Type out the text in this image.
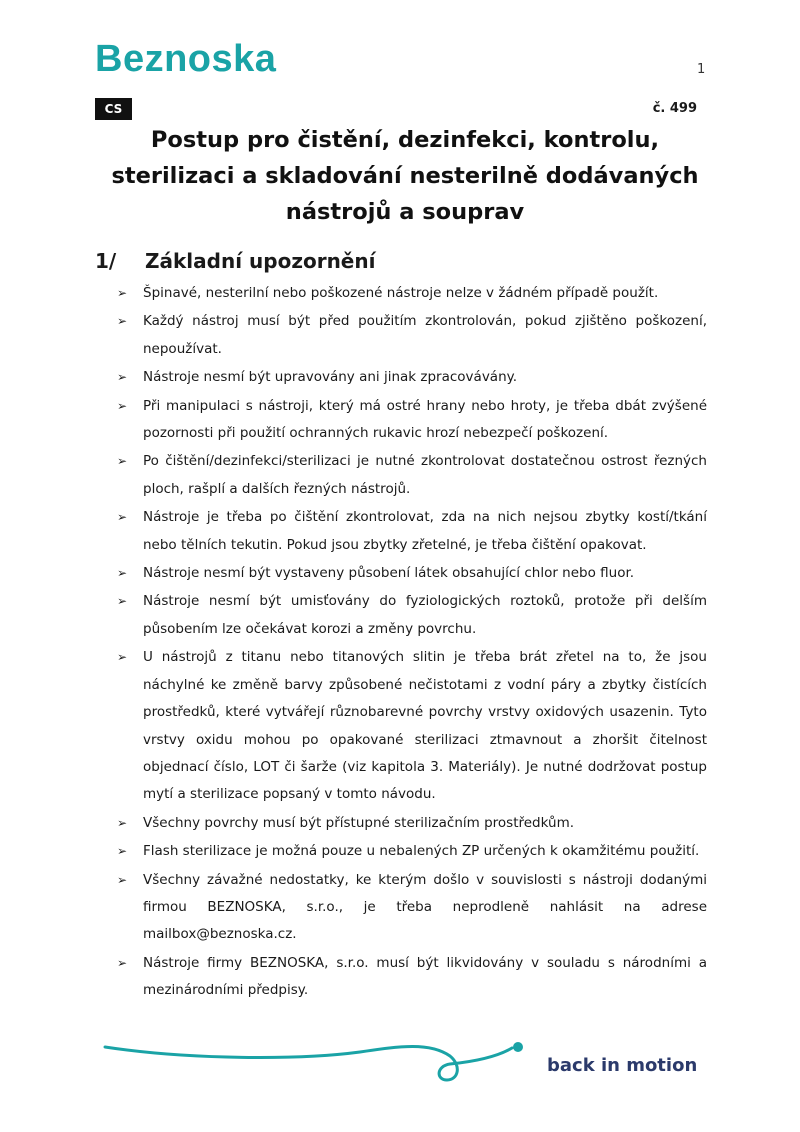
Beznoska	1
CS	č. 499
Postup pro čistění, dezinfekci, kontrolu,
sterilizaci a skladování nesterilně dodávaných
nástrojů a souprav
1/ Základní upozornění
➢ Špinavé, nesterilní nebo poškozené nástroje nelze v žádném případě použít.
➢ Každý nástroj musí být před použitím zkontrolován, pokud zjištěno poškození, nepoužívat.
➢ Nástroje nesmí být upravovány ani jinak zpracovávány.
➢ Při manipulaci s nástroji, který má ostré hrany nebo hroty, je třeba dbát zvýšené pozornosti při použití ochranných rukavic hrozí nebezpečí poškození.
➢ Po čištění/dezinfekci/sterilizaci je nutné zkontrolovat dostatečnou ostrost řezných ploch, rašplí a dalších řezných nástrojů.
➢ Nástroje je třeba po čištění zkontrolovat, zda na nich nejsou zbytky kostí/tkání nebo tělních tekutin. Pokud jsou zbytky zřetelné, je třeba čištění opakovat.
➢ Nástroje nesmí být vystaveny působení látek obsahující chlor nebo fluor.
➢ Nástroje nesmí být umisťovány do fyziologických roztoků, protože při delším působením lze očekávat korozi a změny povrchu.
➢ U nástrojů z titanu nebo titanových slitin je třeba brát zřetel na to, že jsou náchylné ke změně barvy způsobené nečistotami z vodní páry a zbytky čistících prostředků, které vytvářejí různobarevné povrchy vrstvy oxidových usazenin. Tyto vrstvy oxidu mohou po opakované sterilizaci ztmavnout a zhoršit čitelnost objednací číslo, LOT či šarže (viz kapitola 3. Materiály). Je nutné dodržovat postup mytí a sterilizace popsaný v tomto návodu.
➢ Všechny povrchy musí být přístupné sterilizačním prostředkům.
➢ Flash sterilizace je možná pouze u nebalených ZP určených k okamžitému použití.
➢ Všechny závažné nedostatky, ke kterým došlo v souvislosti s nástroji dodanými firmou BEZNOSKA, s.r.o., je třeba neprodleně nahlásit na adrese mailbox@beznoska.cz.
➢ Nástroje firmy BEZNOSKA, s.r.o. musí být likvidovány v souladu s národními a mezinárodními předpisy.
back in motion
